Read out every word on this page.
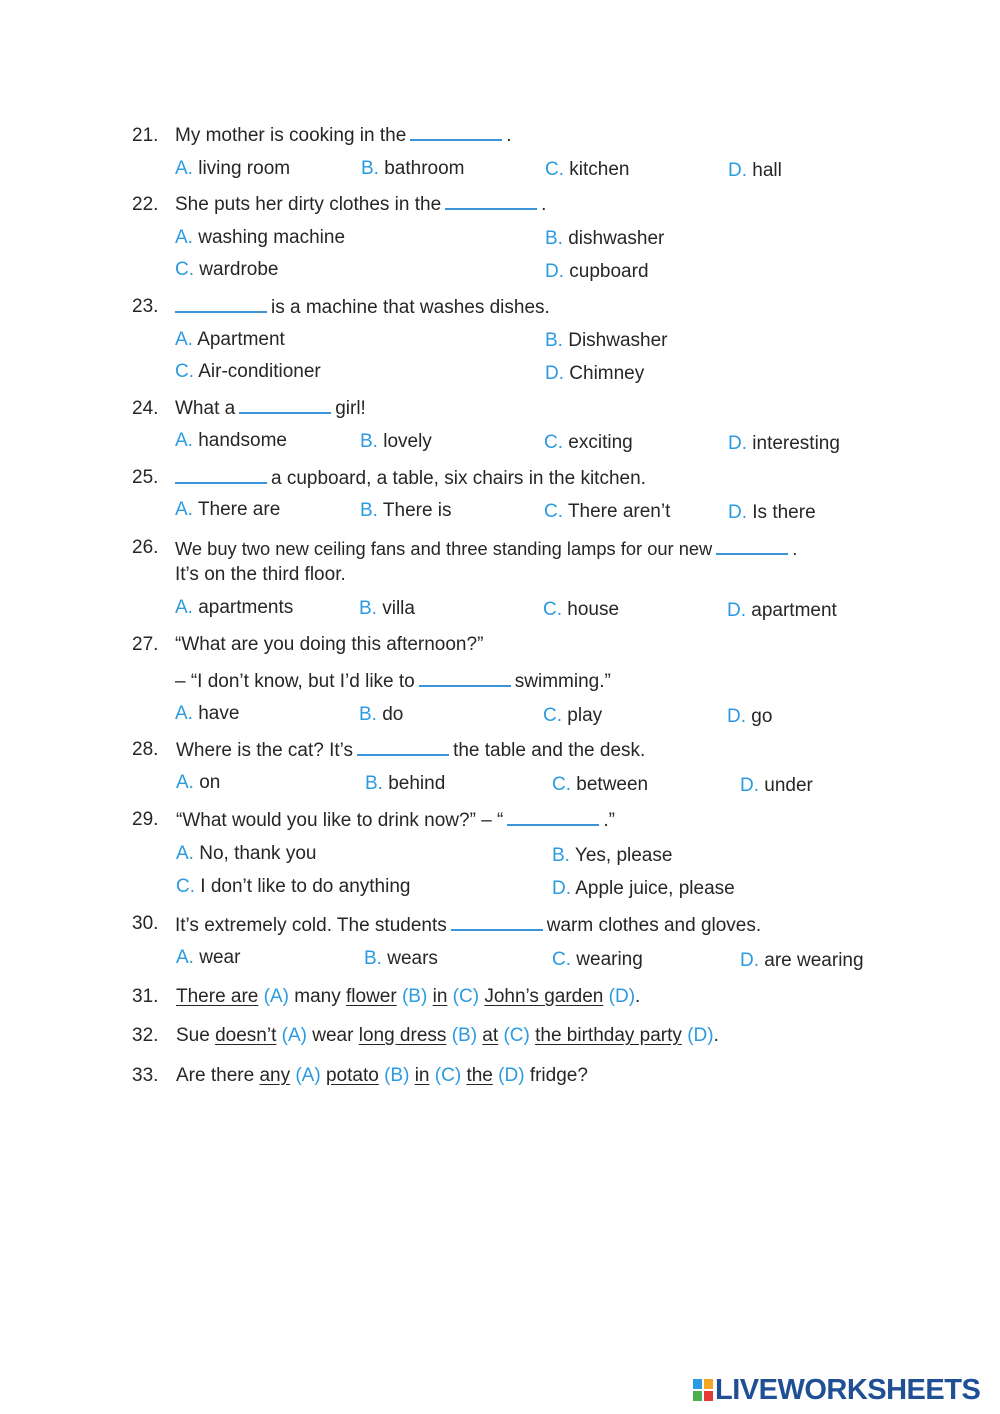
21. My mother is cooking in the	.
A. living room	B. bathroom	C. kitchen	D. hall
22. She puts her dirty clothes in the	.
A. washing machine	B. dishwasher
C. wardrobe	D. cupboard
23.	is a machine that washes dishes.
A. Apartment	B. Dishwasher
C. Air-conditioner	D. Chimney
24. What a	girl!
A. handsome	B. lovely	C. exciting	D. interesting
25.	a cupboard, a table, six chairs in the kitchen.
A. There are	B. There is	C. There aren’t	D. Is there
26. We buy two new ceiling fans and three standing lamps for our new	.
It’s on the third floor.
A. apartments	B. villa	C. house	D. apartment
27. “What are you doing this afternoon?”
– “I don’t know, but I’d like to	swimming.”
A. have	B. do	C. play	D. go
28. Where is the cat? It’s	the table and the desk.
A. on	B. behind	C. between	D. under
29. “What would you like to drink now?” – “	.”
A. No, thank you	B. Yes, please
C. I don’t like to do anything	D. Apple juice, please
30. It’s extremely cold. The students	warm clothes and gloves.
A. wear	B. wears	C. wearing	D. are wearing
31. There are (A) many flower (B) in (C) John’s garden (D).
32. Sue doesn’t (A) wear long dress (B) at (C) the birthday party (D).
33. Are there any (A) potato (B) in (C) the (D) fridge?
LIVEWORKSHEETS
